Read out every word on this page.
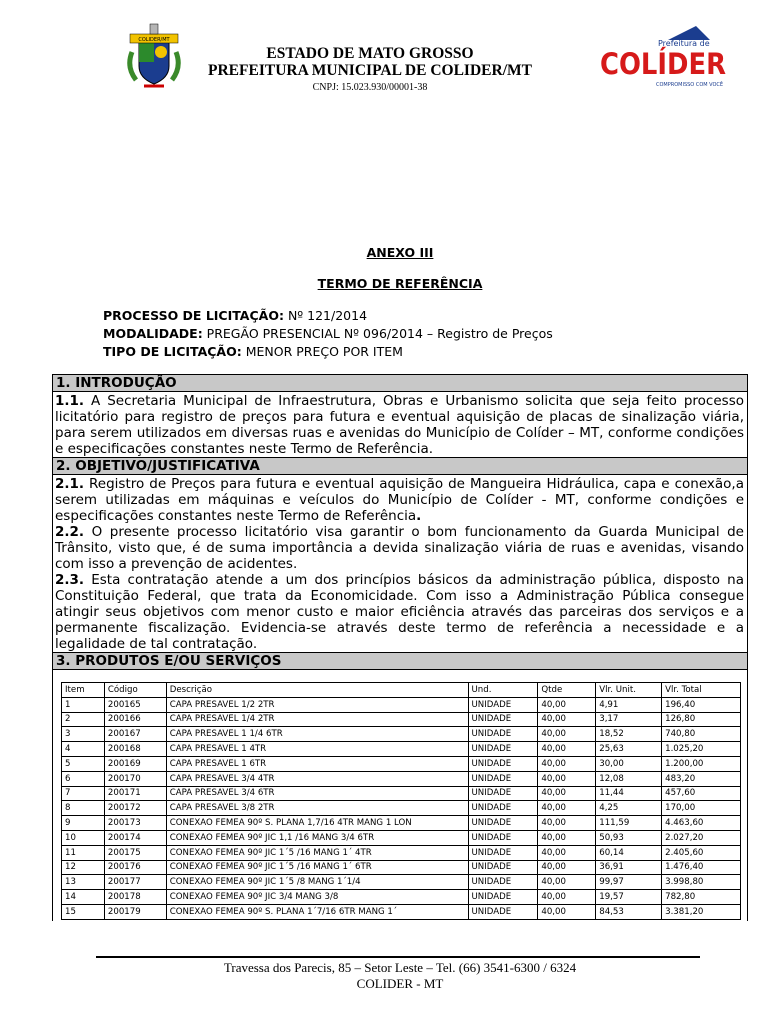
COLIDER/MT
ESTADO DE MATO GROSSO
PREFEITURA MUNICIPAL DE COLIDER/MT
CNPJ: 15.023.930/00001-38
Prefeitura de
COLÍDER
COMPROMISSO COM VOCÊ
ANEXO III
TERMO DE REFERÊNCIA
PROCESSO DE LICITAÇÃO: Nº 121/2014
MODALIDADE: PREGÃO PRESENCIAL Nº 096/2014 – Registro de Preços
TIPO DE LICITAÇÃO: MENOR PREÇO POR ITEM
1. INTRODUÇÃO

1.1. A Secretaria Municipal de Infraestrutura, Obras e Urbanismo solicita que seja feito processo licitatório para registro de preços para futura e eventual aquisição de placas de sinalização viária, para serem utilizados em diversas ruas e avenidas do Município de Colíder – MT, conforme condições e especificações constantes neste Termo de Referência.

2. OBJETIVO/JUSTIFICATIVA

2.1. Registro de Preços para futura e eventual aquisição de Mangueira Hidráulica, capa e conexão,a serem utilizadas em máquinas e veículos do Município de Colíder - MT, conforme condições e especificações constantes neste Termo de Referência.

2.2. O presente processo licitatório visa garantir o bom funcionamento da Guarda Municipal de Trânsito, visto que, é de suma importância a devida sinalização viária de ruas e avenidas, visando com isso a prevenção de acidentes.

2.3. Esta contratação atende a um dos princípios básicos da administração pública, disposto na Constituição Federal, que trata da Economicidade. Com isso a Administração Pública consegue atingir seus objetivos com menor custo e maior eficiência através das parceiras dos serviços e a permanente fiscalização. Evidencia-se através deste termo de referência a necessidade e a legalidade de tal contratação.

3. PRODUTOS E/OU SERVIÇOS
Item	Código	Descrição	Und.	Qtde	Vlr. Unit.	Vlr. Total
1	200165	CAPA PRESAVEL 1/2 2TR	UNIDADE	40,00	4,91	196,40
2	200166	CAPA PRESAVEL 1/4 2TR	UNIDADE	40,00	3,17	126,80
3	200167	CAPA PRESAVEL 1 1/4 6TR	UNIDADE	40,00	18,52	740,80
4	200168	CAPA PRESAVEL 1 4TR	UNIDADE	40,00	25,63	1.025,20
5	200169	CAPA PRESAVEL 1 6TR	UNIDADE	40,00	30,00	1.200,00
6	200170	CAPA PRESAVEL 3/4 4TR	UNIDADE	40,00	12,08	483,20
7	200171	CAPA PRESAVEL 3/4 6TR	UNIDADE	40,00	11,44	457,60
8	200172	CAPA PRESAVEL 3/8 2TR	UNIDADE	40,00	4,25	170,00
9	200173	CONEXAO FEMEA 90º S. PLANA 1,7/16 4TR MANG 1 LON	UNIDADE	40,00	111,59	4.463,60
10	200174	CONEXAO FEMEA 90º JIC 1,1 /16 MANG 3/4 6TR	UNIDADE	40,00	50,93	2.027,20
11	200175	CONEXAO FEMEA 90º JIC 1´5 /16 MANG 1´ 4TR	UNIDADE	40,00	60,14	2.405,60
12	200176	CONEXAO FEMEA 90º JIC 1´5 /16 MANG 1´ 6TR	UNIDADE	40,00	36,91	1.476,40
13	200177	CONEXAO FEMEA 90º JIC 1´5 /8 MANG 1´1/4	UNIDADE	40,00	99,97	3.998,80
14	200178	CONEXAO FEMEA 90º JIC 3/4 MANG 3/8	UNIDADE	40,00	19,57	782,80
15	200179	CONEXAO FEMEA 90º S. PLANA 1´7/16 6TR MANG 1´	UNIDADE	40,00	84,53	3.381,20
Travessa dos Parecis, 85 – Setor Leste – Tel. (66) 3541-6300 / 6324
COLIDER - MT
